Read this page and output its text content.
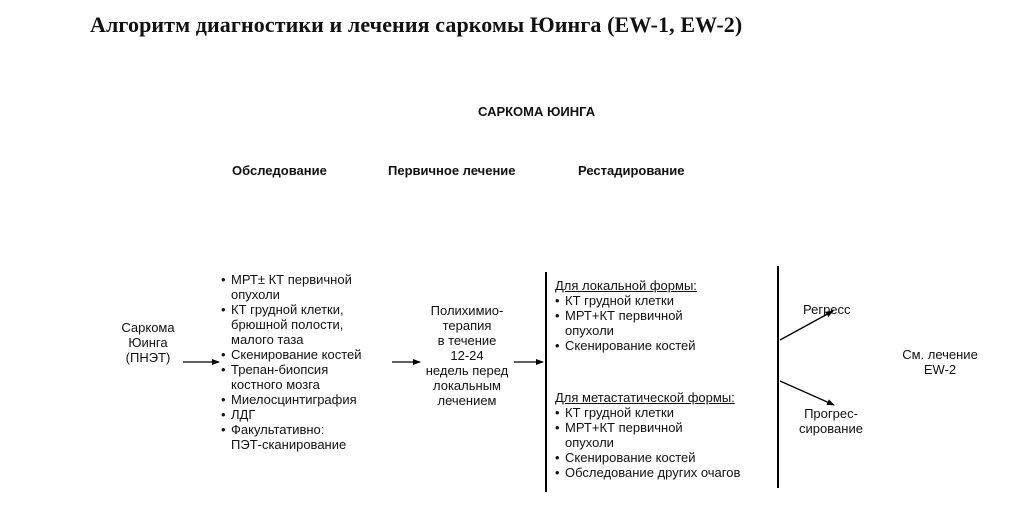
Алгоритм диагностики и лечения саркомы Юинга (EW-1, EW-2)
САРКОМА ЮИНГА
Обследование	Первичное лечение	Рестадирование
Саркома
Юинга
(ПНЭТ)
• МРТ± КТ первичной
опухоли
• КТ грудной клетки,
брюшной полости,
малого таза
• Скенирование костей
• Трепан-биопсия
костного мозга
• Миелосцинтиграфия
• ЛДГ
• Факультативно:
ПЭТ-сканирование
Полихимио-
терапия
в течение
12-24
недель перед
локальным
лечением
Для локальной формы:
• КТ грудной клетки
• МРТ+КТ первичной
опухоли
• Скенирование костей
Для метастатической формы:
• КТ грудной клетки
• МРТ+КТ первичной
опухоли
• Скенирование костей
• Обследование других очагов
Регресс
Прогрес-
сирование
См. лечение
EW-2
